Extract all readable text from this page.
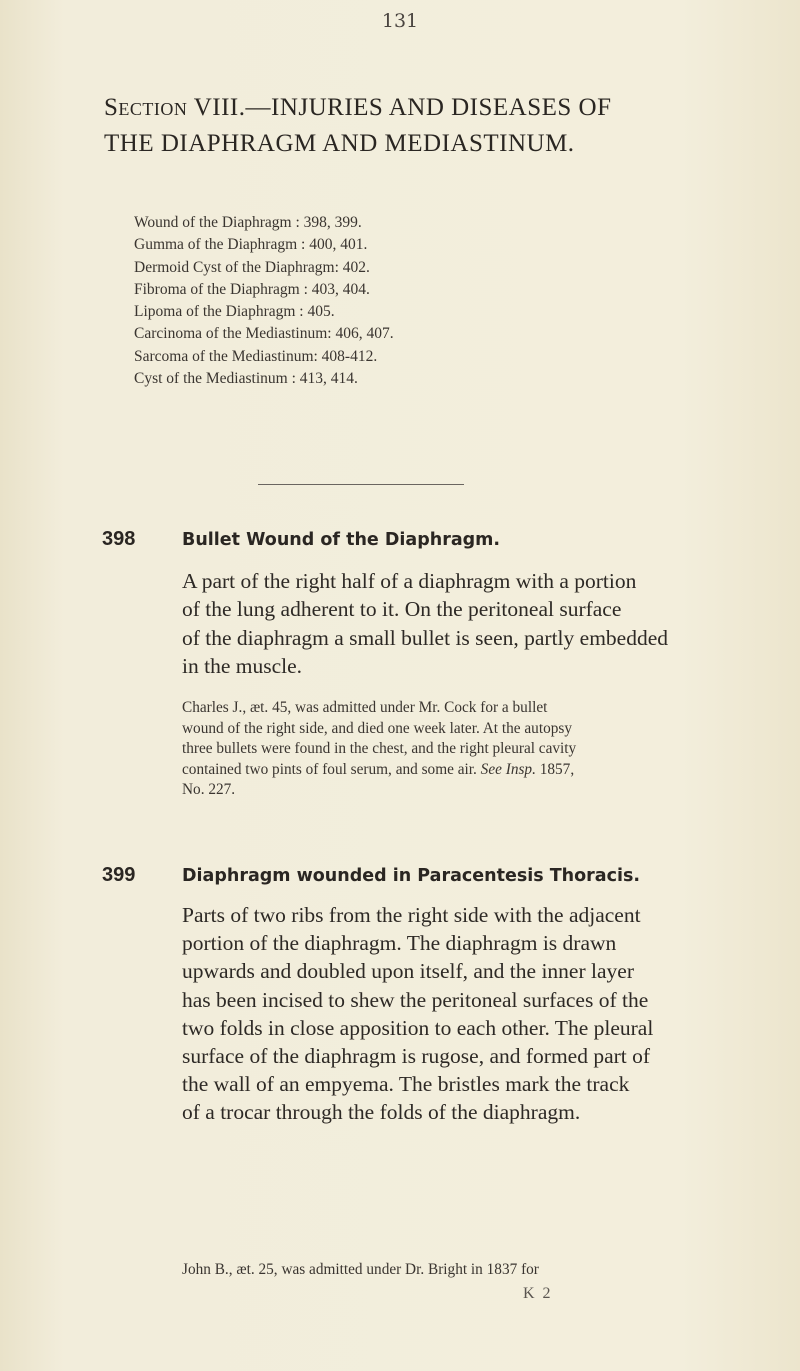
131
Section VIII.—INJURIES AND DISEASES OF
THE DIAPHRAGM AND MEDIASTINUM.
Wound of the Diaphragm : 398, 399.
Gumma of the Diaphragm : 400, 401.
Dermoid Cyst of the Diaphragm: 402.
Fibroma of the Diaphragm : 403, 404.
Lipoma of the Diaphragm : 405.
Carcinoma of the Mediastinum: 406, 407.
Sarcoma of the Mediastinum: 408-412.
Cyst of the Mediastinum : 413, 414.
398	Bullet Wound of the Diaphragm.
A part of the right half of a diaphragm with a portion
of the lung adherent to it. On the peritoneal surface
of the diaphragm a small bullet is seen, partly embedded
in the muscle.
Charles J., æt. 45, was admitted under Mr. Cock for a bullet
wound of the right side, and died one week later. At the autopsy
three bullets were found in the chest, and the right pleural cavity
contained two pints of foul serum, and some air. See Insp. 1857,
No. 227.
399	Diaphragm wounded in Paracentesis Thoracis.
Parts of two ribs from the right side with the adjacent
portion of the diaphragm. The diaphragm is drawn
upwards and doubled upon itself, and the inner layer
has been incised to shew the peritoneal surfaces of the
two folds in close apposition to each other. The pleural
surface of the diaphragm is rugose, and formed part of
the wall of an empyema. The bristles mark the track
of a trocar through the folds of the diaphragm.
John B., æt. 25, was admitted under Dr. Bright in 1837 for
K 2
